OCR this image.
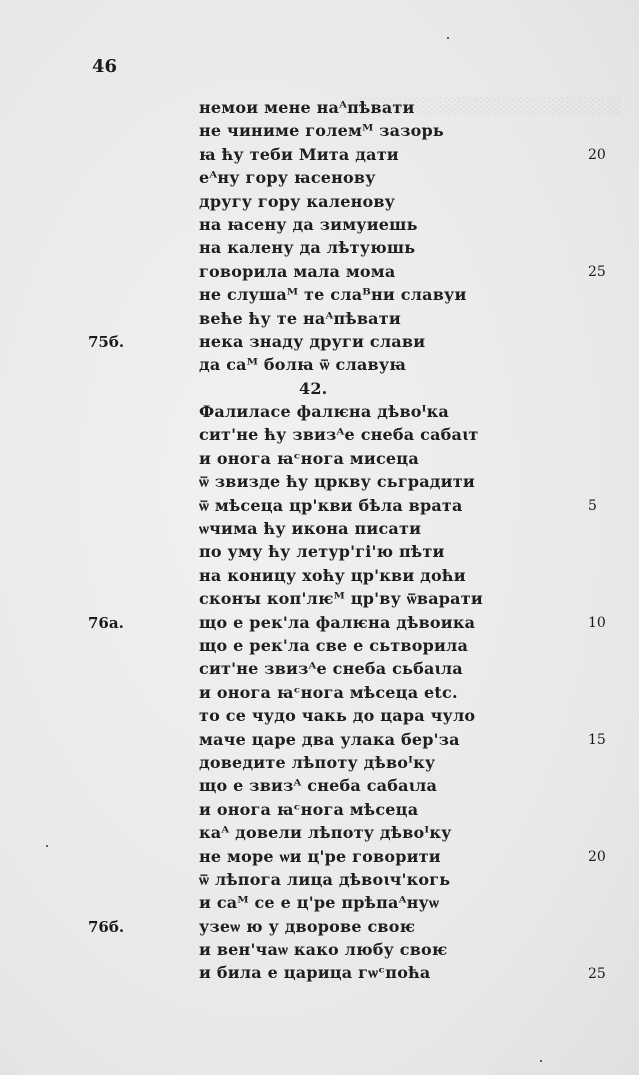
░░░░░░░░░░░░░░░░░░░░░░░░
46
немои мене наᴬпѣвати
не чиниме големᴹ зазорь
ꙗ ћу теби Мита дати
еᴬну гору ꙗсенову
другу гору каленову
на ꙗсену да зимуиешь
на калену да лѣтуюшь
говорила мала мома
не слушаᴹ те слаᴮни славуи
веће ћу те наᴬпѣвати
нека знаду други слави
да саᴹ болꙗ ѿ славуꙗ
42.
Фалиласе фалѥна дѣвоᴵка
сит'не ћу звизᴬе снеба сабаꙇт
и онога ꙗᶜнога мисеца
ѿ звизде ћу цркву сьградити
ѿ мѣсеца цр'кви бѣла врата
ѡчима ћу икона писати
по уму ћу летур'гі'ю пѣти
на коницу хоћу цр'кви доћи
сконꙑ коп'лѥᴹ цр'ву ѿварати
що е рек'ла фалѥна дѣвоика
що е рек'ла све е сьтворила
сит'не звизᴬе снеба сьбаꙇла
и онога ꙗᶜнога мѣсеца etc.
то се чудо чакь до цара чуло
маче царе два улака бер'за
доведите лѣпоту дѣвоᴵку
що е звизᴬ снеба сабаꙇла
и онога ꙗᶜнога мѣсеца
каᴬ довели лѣпоту дѣвоᴵку
не море ѡи ц'ре говорити
ѿ лѣпога лица дѣвоꙇч'когь
и саᴹ се е ц'ре прѣпаᴬнуѡ
узеѡ ю у дворове своѥ
и вен'чаѡ како любу своѥ
и била е царица гѡᶜпоћа
75б.
76а.
76б.
20
25
5
10
15
20
25
